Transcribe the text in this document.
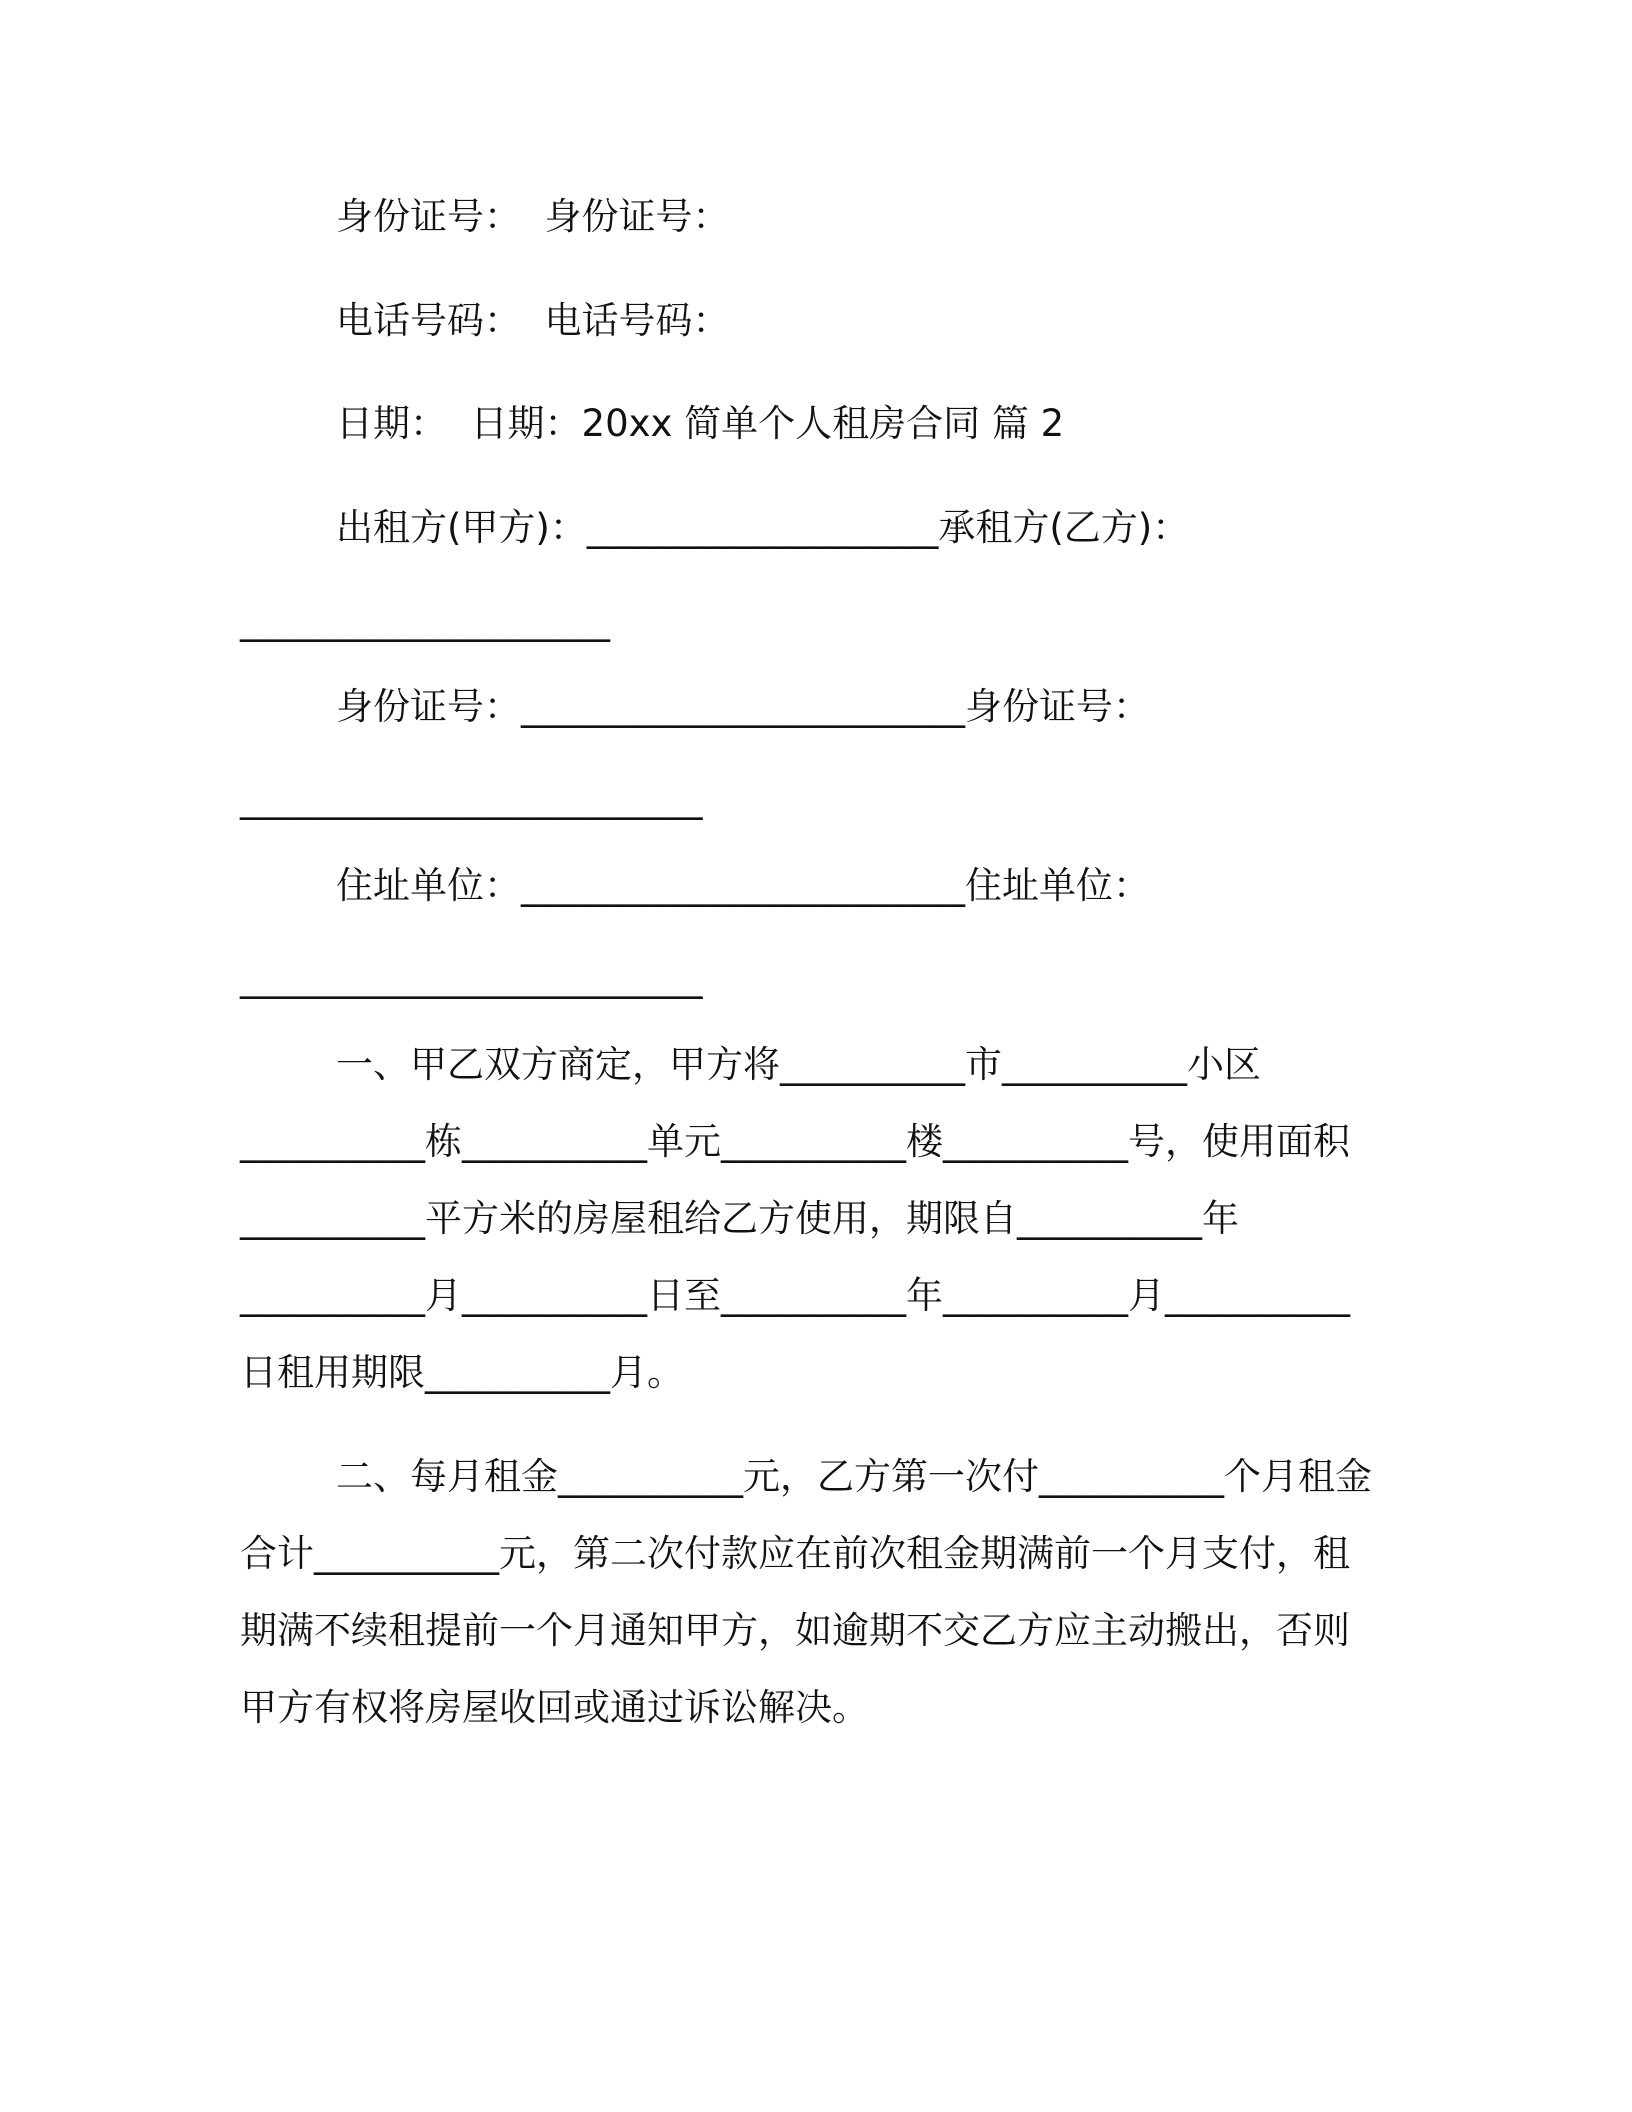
身份证号：  身份证号：

电话号码：  电话号码：

日期：  日期：20xx 简单个人租房合同 篇 2

出租方(甲方)：___________________承租方(乙方)：

____________________

身份证号：________________________身份证号：

_________________________

住址单位：________________________住址单位：

_________________________

一、甲乙双方商定，甲方将__________市__________小区

__________栋__________单元__________楼__________号，使用面积

__________平方米的房屋租给乙方使用，期限自__________年

__________月__________日至__________年__________月__________

日租用期限__________月。

二、每月租金__________元，乙方第一次付__________个月租金

合计__________元，第二次付款应在前次租金期满前一个月支付，租

期满不续租提前一个月通知甲方，如逾期不交乙方应主动搬出，否则

甲方有权将房屋收回或通过诉讼解决。
